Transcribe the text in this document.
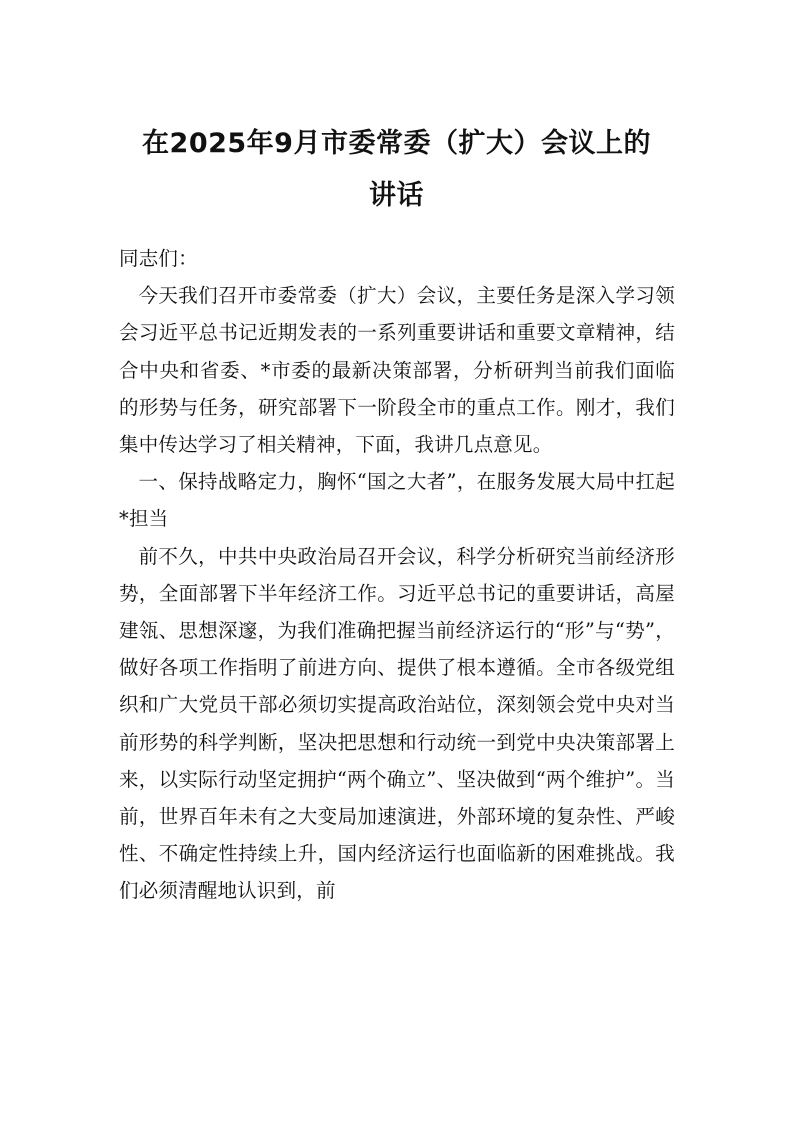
在2025年9月市委常委（扩大）会议上的
讲话

同志们：

今天我们召开市委常委（扩大）会议，主要任务是深入学习领会习近平总书记近期发表的一系列重要讲话和重要文章精神，结合中央和省委、*市委的最新决策部署，分析研判当前我们面临的形势与任务，研究部署下一阶段全市的重点工作。刚才，我们集中传达学习了相关精神，下面，我讲几点意见。

一、保持战略定力，胸怀“国之大者”，在服务发展大局中扛起*担当

前不久，中共中央政治局召开会议，科学分析研究当前经济形势，全面部署下半年经济工作。习近平总书记的重要讲话，高屋建瓴、思想深邃，为我们准确把握当前经济运行的“形”与“势”，做好各项工作指明了前进方向、提供了根本遵循。全市各级党组织和广大党员干部必须切实提高政治站位，深刻领会党中央对当前形势的科学判断，坚决把思想和行动统一到党中央决策部署上来，以实际行动坚定拥护“两个确立”、坚决做到“两个维护”。当前，世界百年未有之大变局加速演进，外部环境的复杂性、严峻性、不确定性持续上升，国内经济运行也面临新的困难挑战。我们必须清醒地认识到，前
